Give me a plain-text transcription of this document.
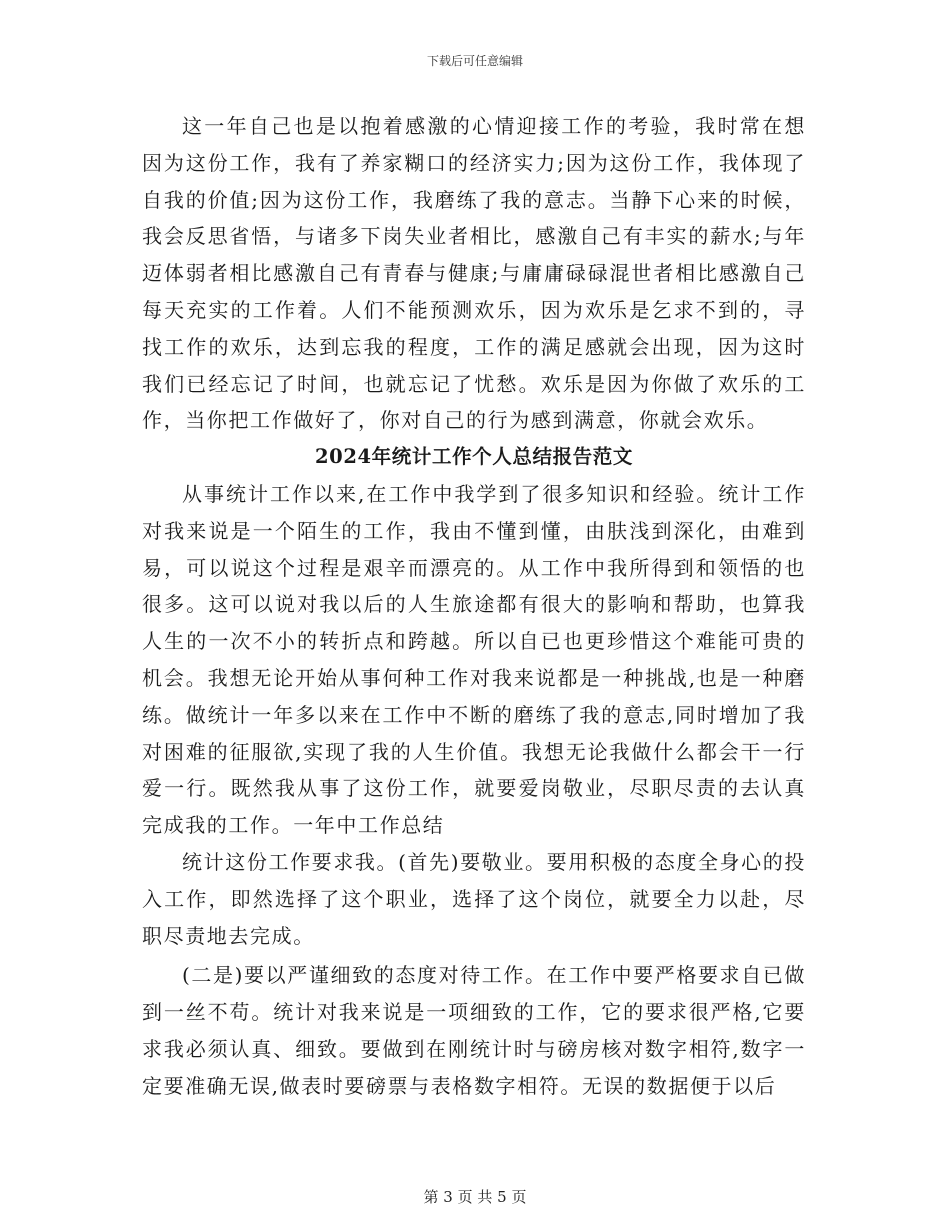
下载后可任意编辑

这一年自己也是以抱着感激的心情迎接工作的考验，我时常在想因为这份工作，我有了养家糊口的经济实力;因为这份工作，我体现了自我的价值;因为这份工作，我磨练了我的意志。当静下心来的时候，我会反思省悟，与诸多下岗失业者相比，感激自己有丰实的薪水;与年迈体弱者相比感激自己有青春与健康;与庸庸碌碌混世者相比感激自己每天充实的工作着。人们不能预测欢乐，因为欢乐是乞求不到的，寻找工作的欢乐，达到忘我的程度，工作的满足感就会出现，因为这时我们已经忘记了时间，也就忘记了忧愁。欢乐是因为你做了欢乐的工作，当你把工作做好了，你对自己的行为感到满意，你就会欢乐。

2024年统计工作个人总结报告范文

从事统计工作以来,在工作中我学到了很多知识和经验。统计工作对我来说是一个陌生的工作，我由不懂到懂，由肤浅到深化，由难到易，可以说这个过程是艰辛而漂亮的。从工作中我所得到和领悟的也很多。这可以说对我以后的人生旅途都有很大的影响和帮助，也算我人生的一次不小的转折点和跨越。所以自已也更珍惜这个难能可贵的机会。我想无论开始从事何种工作对我来说都是一种挑战,也是一种磨练。做统计一年多以来在工作中不断的磨练了我的意志,同时增加了我对困难的征服欲,实现了我的人生价值。我想无论我做什么都会干一行爱一行。既然我从事了这份工作，就要爱岗敬业，尽职尽责的去认真完成我的工作。一年中工作总结

统计这份工作要求我。(首先)要敬业。要用积极的态度全身心的投入工作，即然选择了这个职业，选择了这个岗位，就要全力以赴，尽职尽责地去完成。

(二是)要以严谨细致的态度对待工作。在工作中要严格要求自已做到一丝不苟。统计对我来说是一项细致的工作，它的要求很严格,它要求我必须认真、细致。要做到在刚统计时与磅房核对数字相符,数字一定要准确无误,做表时要磅票与表格数字相符。无误的数据便于以后

第 3 页 共 5 页
